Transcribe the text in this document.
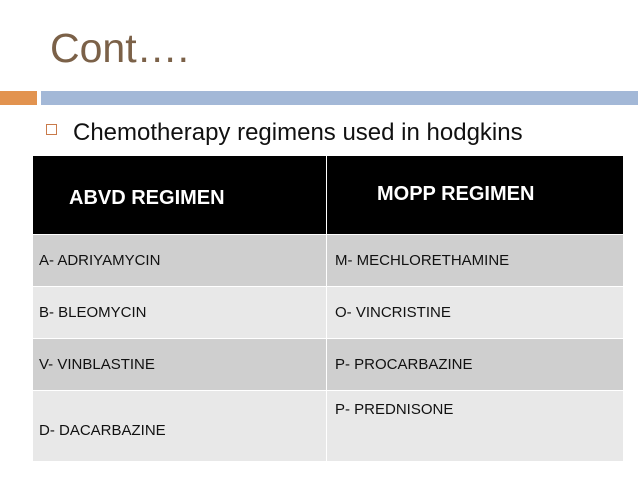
Cont….
Chemotherapy regimens used in hodgkins
ABVD REGIMEN	MOPP REGIMEN

A- ADRIYAMYCIN	M- MECHLORETHAMINE

B- BLEOMYCIN	O- VINCRISTINE

V- VINBLASTINE	P- PROCARBAZINE

D- DACARBAZINE	P- PREDNISONE
